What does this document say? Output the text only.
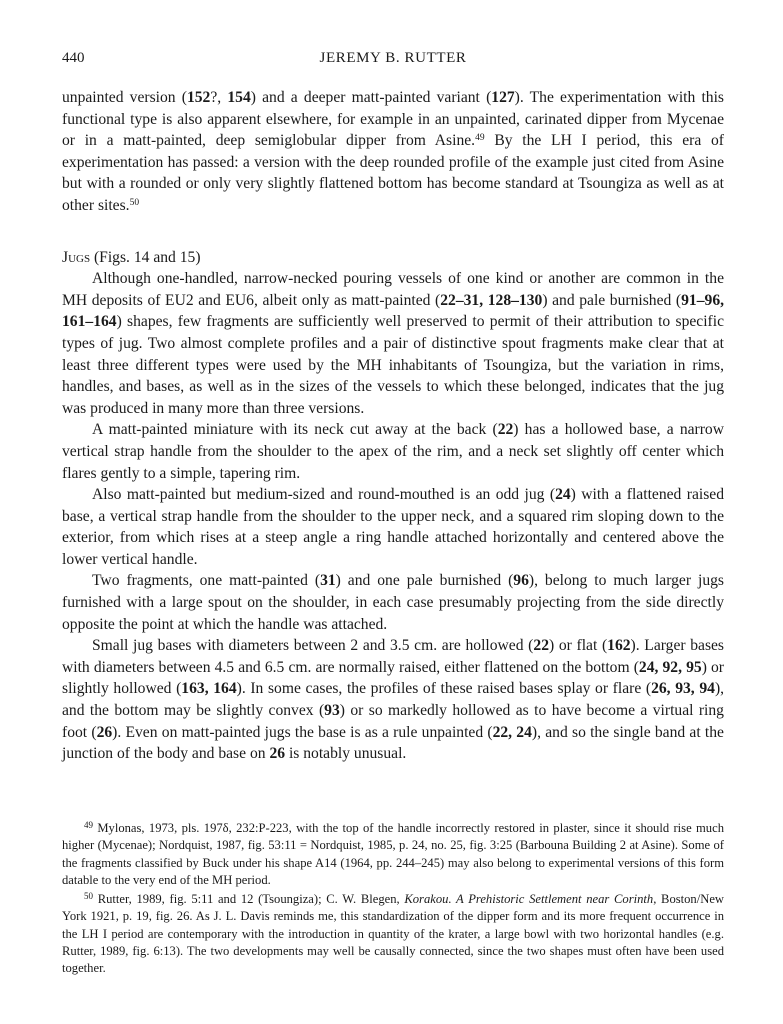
440	JEREMY B. RUTTER

unpainted version (152?, 154) and a deeper matt-painted variant (127). The experimentation with this functional type is also apparent elsewhere, for example in an unpainted, carinated dipper from Mycenae or in a matt-painted, deep semiglobular dipper from Asine.$^{49}$ By the LH I period, this era of experimentation has passed: a version with the deep rounded profile of the example just cited from Asine but with a rounded or only very slightly flattened bottom has become standard at Tsoungiza as well as at other sites.$^{50}$

Jugs (Figs. 14 and 15)

Although one-handled, narrow-necked pouring vessels of one kind or another are common in the MH deposits of EU2 and EU6, albeit only as matt-painted (22–31, 128–130) and pale burnished (91–96, 161–164) shapes, few fragments are sufficiently well preserved to permit of their attribution to specific types of jug. Two almost complete profiles and a pair of distinctive spout fragments make clear that at least three different types were used by the MH inhabitants of Tsoungiza, but the variation in rims, handles, and bases, as well as in the sizes of the vessels to which these belonged, indicates that the jug was produced in many more than three versions.

A matt-painted miniature with its neck cut away at the back (22) has a hollowed base, a narrow vertical strap handle from the shoulder to the apex of the rim, and a neck set slightly off center which flares gently to a simple, tapering rim.

Also matt-painted but medium-sized and round-mouthed is an odd jug (24) with a flattened raised base, a vertical strap handle from the shoulder to the upper neck, and a squared rim sloping down to the exterior, from which rises at a steep angle a ring handle attached horizontally and centered above the lower vertical handle.

Two fragments, one matt-painted (31) and one pale burnished (96), belong to much larger jugs furnished with a large spout on the shoulder, in each case presumably projecting from the side directly opposite the point at which the handle was attached.

Small jug bases with diameters between 2 and 3.5 cm. are hollowed (22) or flat (162). Larger bases with diameters between 4.5 and 6.5 cm. are normally raised, either flattened on the bottom (24, 92, 95) or slightly hollowed (163, 164). In some cases, the profiles of these raised bases splay or flare (26, 93, 94), and the bottom may be slightly convex (93) or so markedly hollowed as to have become a virtual ring foot (26). Even on matt-painted jugs the base is as a rule unpainted (22, 24), and so the single band at the junction of the body and base on 26 is notably unusual.

$^{49}$ Mylonas, 1973, pls. 197δ, 232:P-223, with the top of the handle incorrectly restored in plaster, since it should rise much higher (Mycenae); Nordquist, 1987, fig. 53:11 = Nordquist, 1985, p. 24, no. 25, fig. 3:25 (Barbouna Building 2 at Asine). Some of the fragments classified by Buck under his shape A14 (1964, pp. 244–245) may also belong to experimental versions of this form datable to the very end of the MH period.

$^{50}$ Rutter, 1989, fig. 5:11 and 12 (Tsoungiza); C. W. Blegen, Korakou. A Prehistoric Settlement near Corinth, Boston/New York 1921, p. 19, fig. 26. As J. L. Davis reminds me, this standardization of the dipper form and its more frequent occurrence in the LH I period are contemporary with the introduction in quantity of the krater, a large bowl with two horizontal handles (e.g. Rutter, 1989, fig. 6:13). The two developments may well be causally connected, since the two shapes must often have been used together.
